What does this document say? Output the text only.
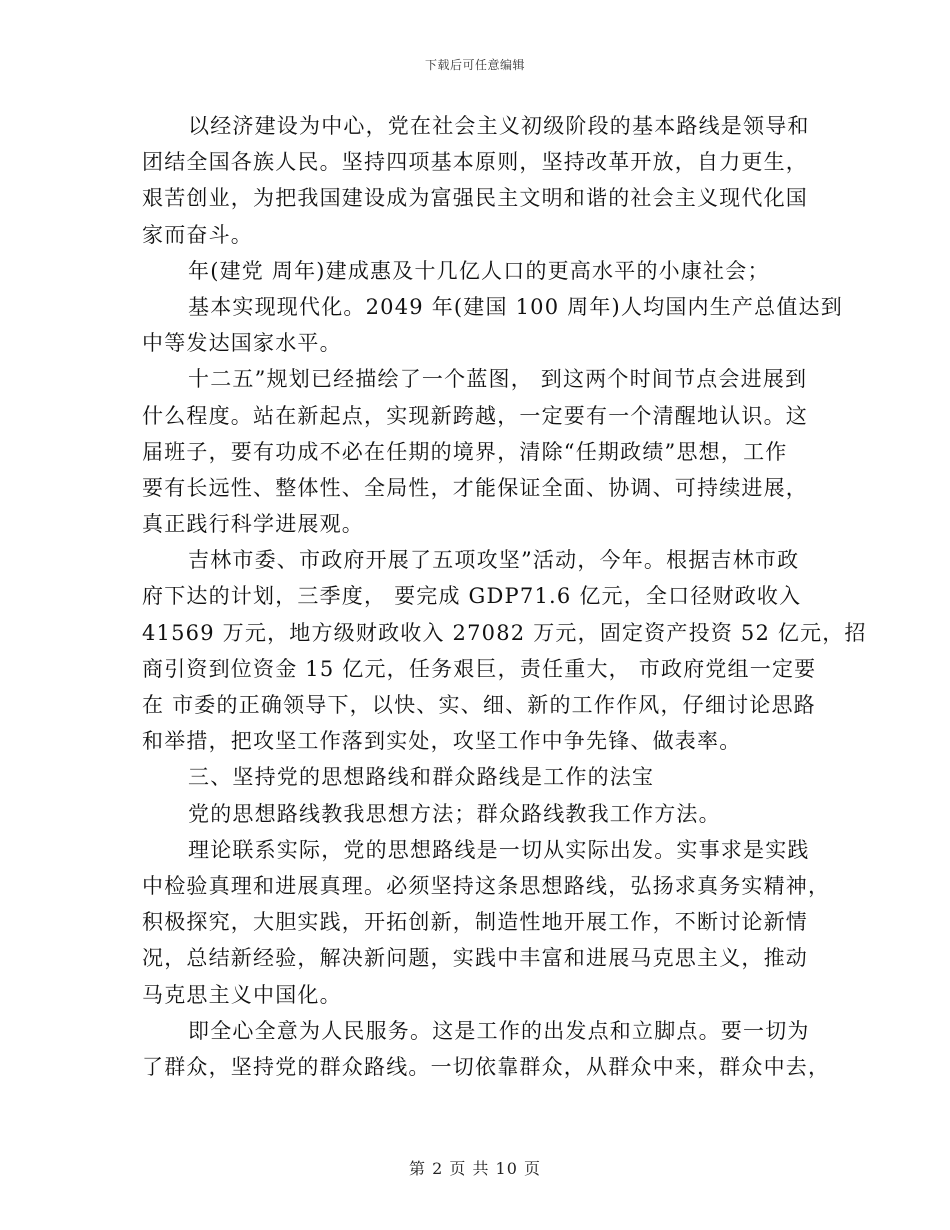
下载后可任意编辑
以经济建设为中心，党在社会主义初级阶段的基本路线是领导和
团结全国各族人民。坚持四项基本原则，坚持改革开放，自力更生，
艰苦创业，为把我国建设成为富强民主文明和谐的社会主义现代化国
家而奋斗。
年(建党 周年)建成惠及十几亿人口的更高水平的小康社会；
基本实现现代化。2049 年(建国 100 周年)人均国内生产总值达到
中等发达国家水平。
十二五”规划已经描绘了一个蓝图， 到这两个时间节点会进展到
什么程度。站在新起点，实现新跨越，一定要有一个清醒地认识。这
届班子，要有功成不必在任期的境界，清除“任期政绩”思想，工作
要有长远性、整体性、全局性，才能保证全面、协调、可持续进展，
真正践行科学进展观。
吉林市委、市政府开展了五项攻坚”活动，今年。根据吉林市政
府下达的计划，三季度， 要完成 GDP71.6 亿元，全口径财政收入
41569 万元，地方级财政收入 27082 万元，固定资产投资 52 亿元，招
商引资到位资金 15 亿元，任务艰巨，责任重大， 市政府党组一定要
在 市委的正确领导下，以快、实、细、新的工作作风，仔细讨论思路
和举措，把攻坚工作落到实处，攻坚工作中争先锋、做表率。
三、坚持党的思想路线和群众路线是工作的法宝
党的思想路线教我思想方法；群众路线教我工作方法。
理论联系实际，党的思想路线是一切从实际出发。实事求是实践
中检验真理和进展真理。必须坚持这条思想路线，弘扬求真务实精神，
积极探究，大胆实践，开拓创新，制造性地开展工作，不断讨论新情
况，总结新经验，解决新问题，实践中丰富和进展马克思主义，推动
马克思主义中国化。
即全心全意为人民服务。这是工作的出发点和立脚点。要一切为
了群众，坚持党的群众路线。一切依靠群众，从群众中来，群众中去，
第 2 页 共 10 页
